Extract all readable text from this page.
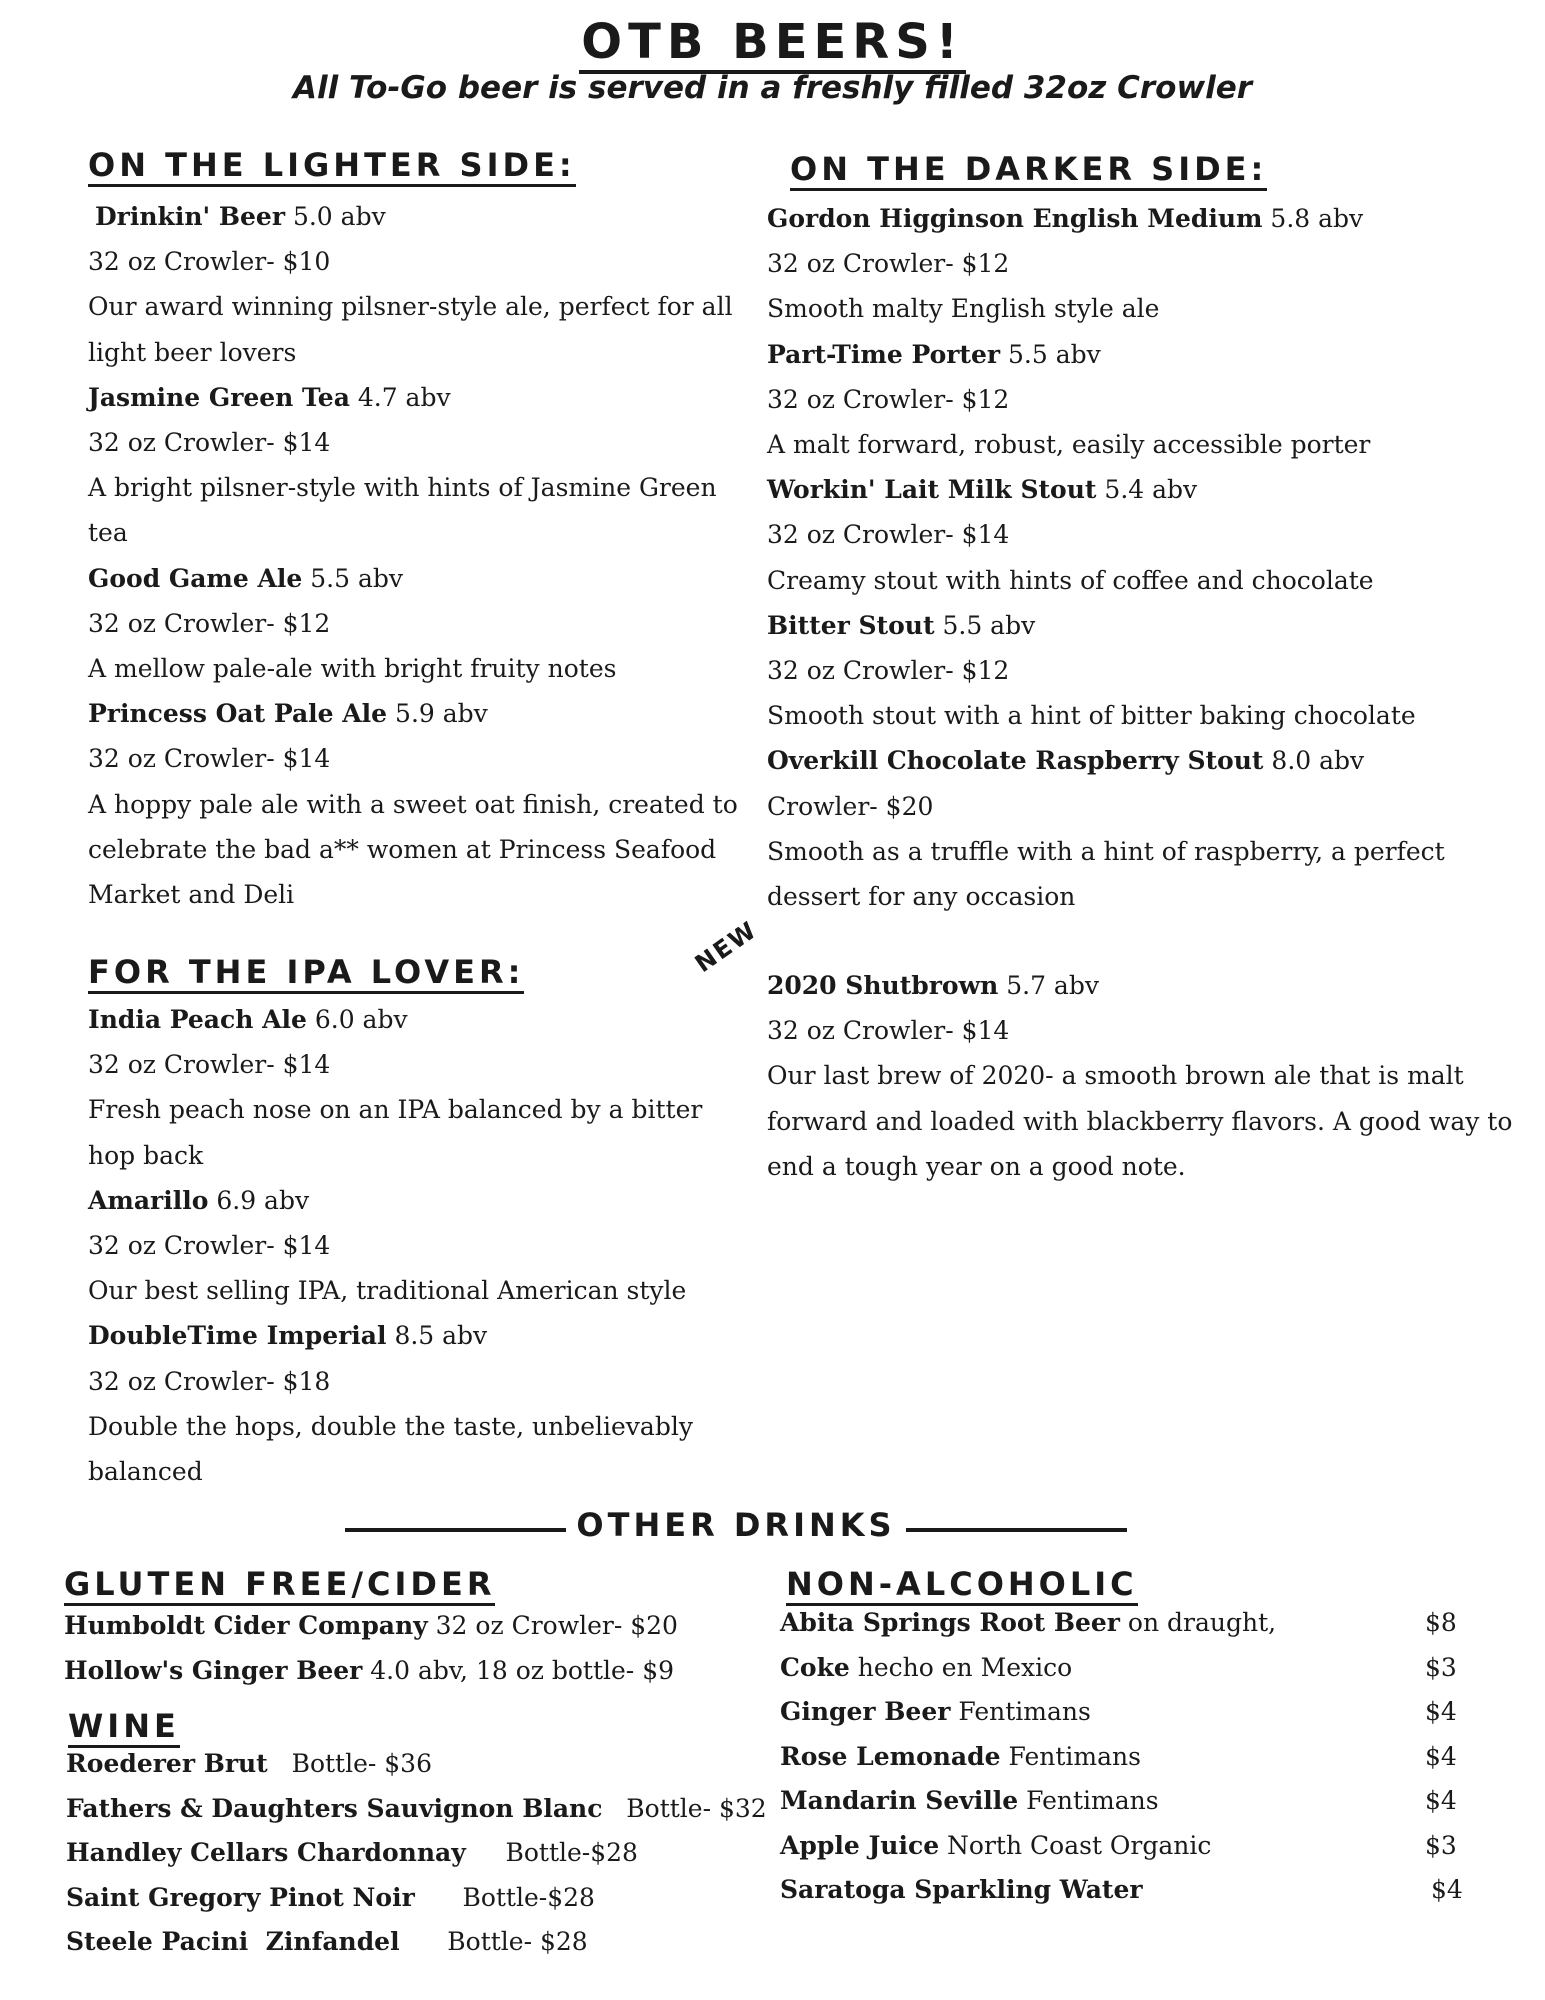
OTB BEERS!
All To-Go beer is served in a freshly filled 32oz Crowler
ON THE LIGHTER SIDE:
Drinkin' Beer 5.0 abv
32 oz Crowler- $10
Our award winning pilsner-style ale, perfect for all light beer lovers
Jasmine Green Tea 4.7 abv
32 oz Crowler- $14
A bright pilsner-style with hints of Jasmine Green tea
Good Game Ale 5.5 abv
32 oz Crowler- $12
A mellow pale-ale with bright fruity notes
Princess Oat Pale Ale 5.9 abv
32 oz Crowler- $14
A hoppy pale ale with a sweet oat finish, created to celebrate the bad a** women at Princess Seafood Market and Deli
ON THE DARKER SIDE:
Gordon Higginson English Medium 5.8 abv
32 oz Crowler- $12
Smooth malty English style ale
Part-Time Porter 5.5 abv
32 oz Crowler- $12
A malt forward, robust, easily accessible porter
Workin' Lait Milk Stout 5.4 abv
32 oz Crowler- $14
Creamy stout with hints of coffee and chocolate
Bitter Stout 5.5 abv
32 oz Crowler- $12
Smooth stout with a hint of bitter baking chocolate
Overkill Chocolate Raspberry Stout 8.0 abv
Crowler- $20
Smooth as a truffle with a hint of raspberry, a perfect dessert for any occasion
FOR THE IPA LOVER:
India Peach Ale 6.0 abv
32 oz Crowler- $14
Fresh peach nose on an IPA balanced by a bitter hop back
Amarillo 6.9 abv
32 oz Crowler- $14
Our best selling IPA, traditional American style
DoubleTime Imperial 8.5 abv
32 oz Crowler- $18
Double the hops, double the taste, unbelievably balanced
NEW
2020 Shutbrown 5.7 abv
32 oz Crowler- $14
Our last brew of 2020- a smooth brown ale that is malt forward and loaded with blackberry flavors. A good way to end a tough year on a good note.
OTHER DRINKS
GLUTEN FREE/CIDER
Humboldt Cider Company 32 oz Crowler- $20
Hollow's Ginger Beer 4.0 abv, 18 oz bottle- $9
WINE
Roederer Brut   Bottle- $36
Fathers & Daughters Sauvignon Blanc   Bottle- $32
Handley Cellars Chardonnay     Bottle-$28
Saint Gregory Pinot Noir      Bottle-$28
Steele Pacini  Zinfandel      Bottle- $28
NON-ALCOHOLIC
Abita Springs Root Beer on draught,	$8
Coke hecho en Mexico	$3
Ginger Beer Fentimans	$4
Rose Lemonade Fentimans	$4
Mandarin Seville Fentimans	$4
Apple Juice North Coast Organic	$3
Saratoga Sparkling Water	$4
